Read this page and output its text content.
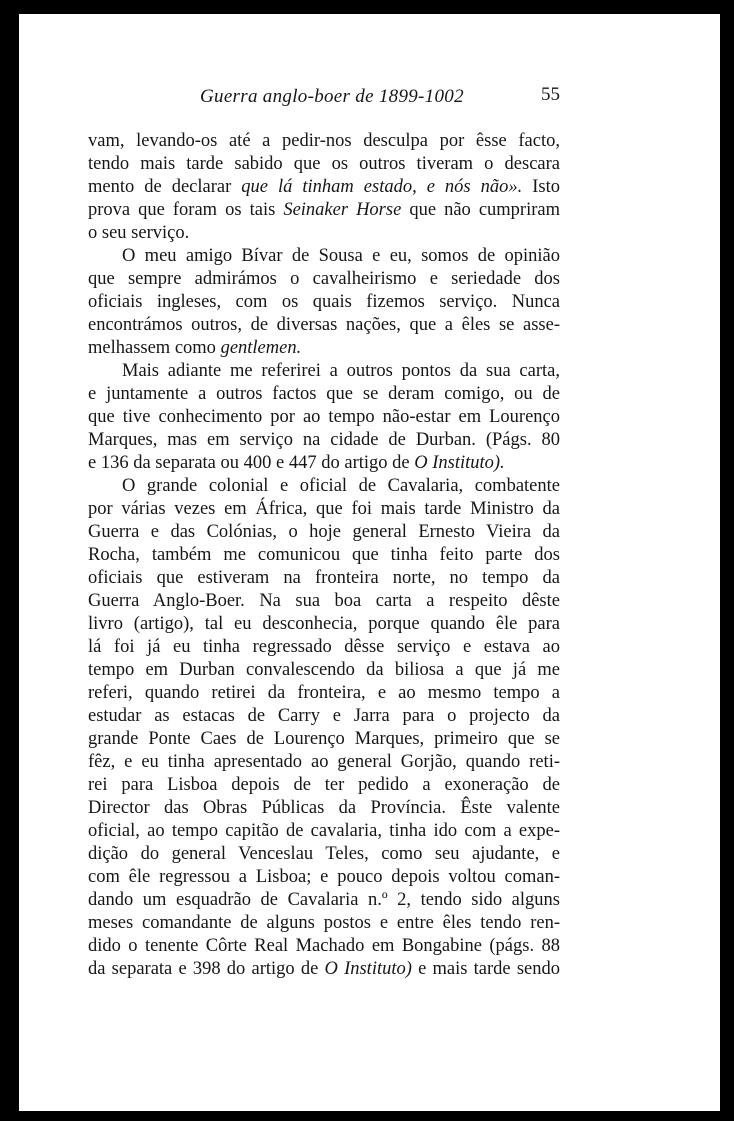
Guerra anglo-boer de 1899-1002	55
vam, levando-os até a pedir-nos desculpa por êsse facto,
tendo mais tarde sabido que os outros tiveram o descara
mento de declarar que lá tinham estado, e nós não». Isto
prova que foram os tais Seinaker Horse que não cumpriram
o seu serviço.
O meu amigo Bívar de Sousa e eu, somos de opinião
que sempre admirámos o cavalheirismo e seriedade dos
oficiais ingleses, com os quais fizemos serviço. Nunca
encontrámos outros, de diversas nações, que a êles se asse-
melhassem como gentlemen.
Mais adiante me referirei a outros pontos da sua carta,
e juntamente a outros factos que se deram comigo, ou de
que tive conhecimento por ao tempo não-estar em Lourenço
Marques, mas em serviço na cidade de Durban. (Págs. 80
e 136 da separata ou 400 e 447 do artigo de O Instituto).
O grande colonial e oficial de Cavalaria, combatente
por várias vezes em África, que foi mais tarde Ministro da
Guerra e das Colónias, o hoje general Ernesto Vieira da
Rocha, também me comunicou que tinha feito parte dos
oficiais que estiveram na fronteira norte, no tempo da
Guerra Anglo-Boer. Na sua boa carta a respeito dêste
livro (artigo), tal eu desconhecia, porque quando êle para
lá foi já eu tinha regressado dêsse serviço e estava ao
tempo em Durban convalescendo da biliosa a que já me
referi, quando retirei da fronteira, e ao mesmo tempo a
estudar as estacas de Carry e Jarra para o projecto da
grande Ponte Caes de Lourenço Marques, primeiro que se
fêz, e eu tinha apresentado ao general Gorjão, quando reti-
rei para Lisboa depois de ter pedido a exoneração de
Director das Obras Públicas da Província. Êste valente
oficial, ao tempo capitão de cavalaria, tinha ido com a expe-
dição do general Venceslau Teles, como seu ajudante, e
com êle regressou a Lisboa; e pouco depois voltou coman-
dando um esquadrão de Cavalaria n.º 2, tendo sido alguns
meses comandante de alguns postos e entre êles tendo ren-
dido o tenente Côrte Real Machado em Bongabine (págs. 88
da separata e 398 do artigo de O Instituto) e mais tarde sendo
